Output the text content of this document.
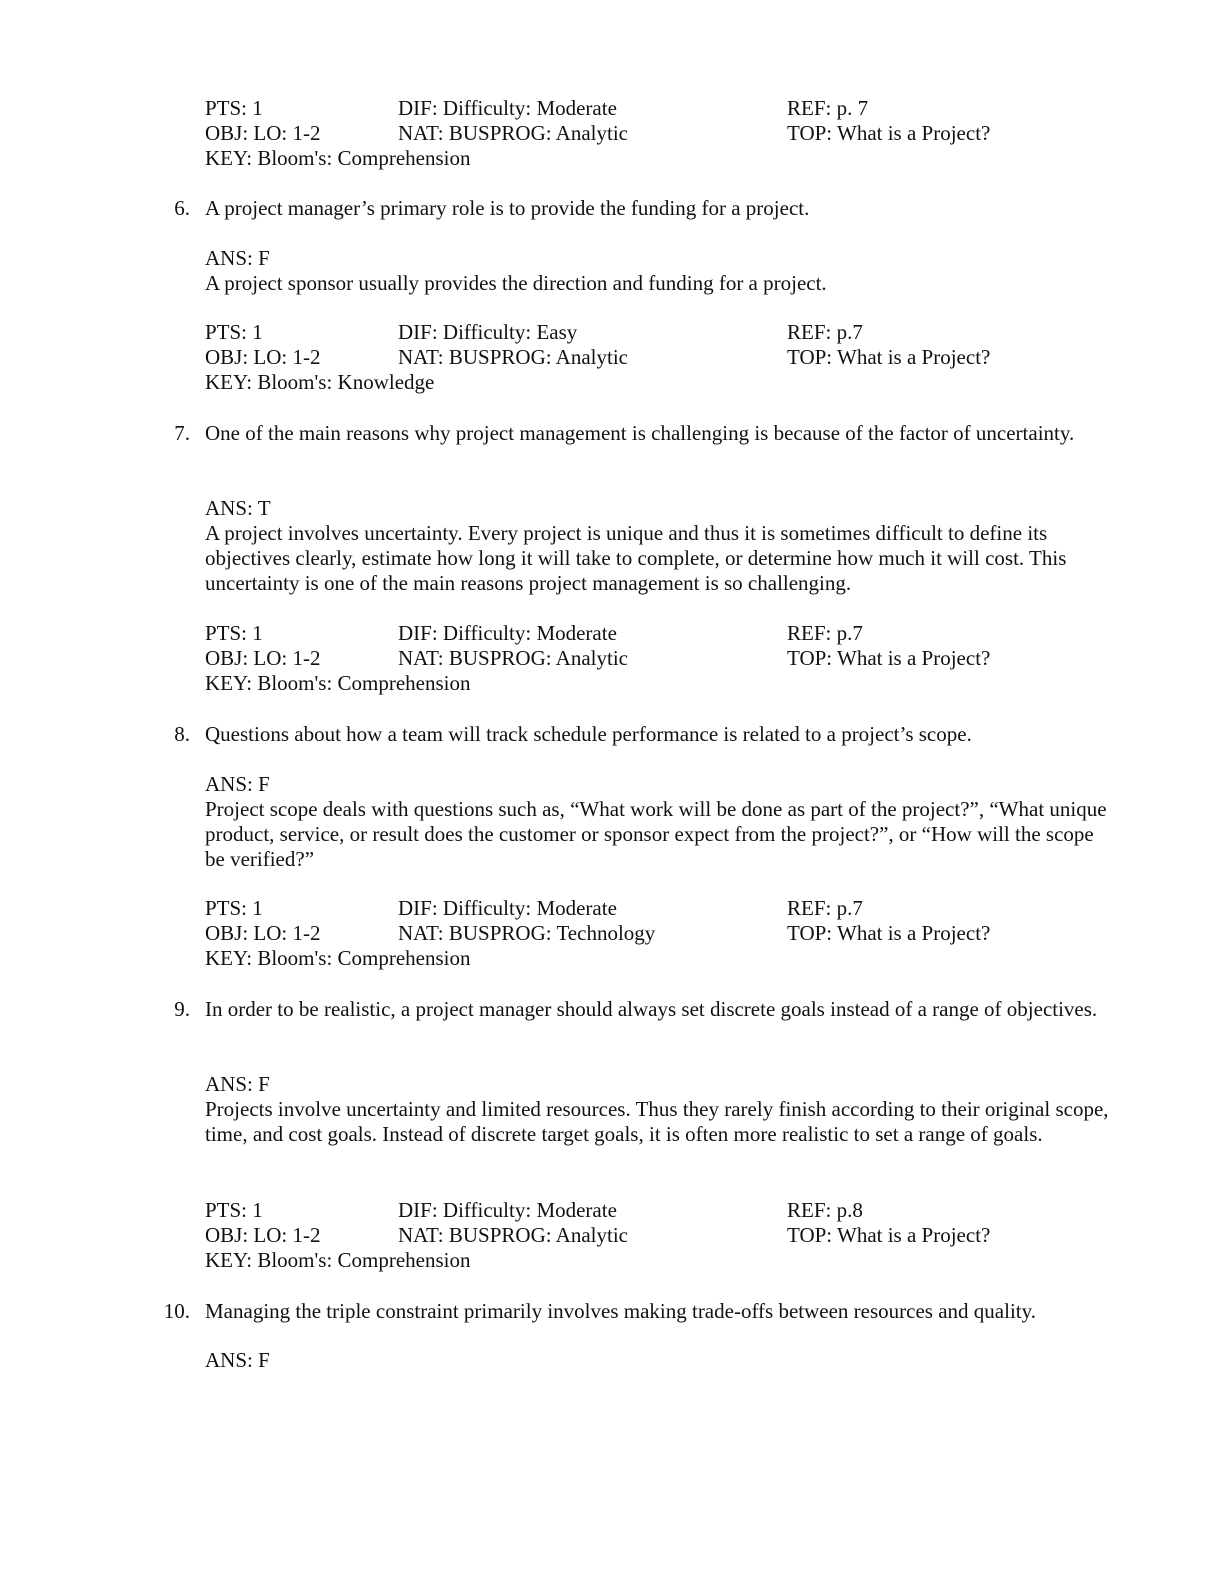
PTS: 1	DIF: Difficulty: Moderate	REF: p. 7
OBJ: LO: 1-2	NAT: BUSPROG: Analytic	TOP: What is a Project?
KEY: Bloom's: Comprehension
6. A project manager’s primary role is to provide the funding for a project.
ANS: F
A project sponsor usually provides the direction and funding for a project.
PTS: 1	DIF: Difficulty: Easy	REF: p.7
OBJ: LO: 1-2	NAT: BUSPROG: Analytic	TOP: What is a Project?
KEY: Bloom's: Knowledge
7. One of the main reasons why project management is challenging is because of the factor of uncertainty.
ANS: T
A project involves uncertainty. Every project is unique and thus it is sometimes difficult to define its objectives clearly, estimate how long it will take to complete, or determine how much it will cost. This uncertainty is one of the main reasons project management is so challenging.
PTS: 1	DIF: Difficulty: Moderate	REF: p.7
OBJ: LO: 1-2	NAT: BUSPROG: Analytic	TOP: What is a Project?
KEY: Bloom's: Comprehension
8. Questions about how a team will track schedule performance is related to a project’s scope.
ANS: F
Project scope deals with questions such as, “What work will be done as part of the project?”, “What unique product, service, or result does the customer or sponsor expect from the project?”, or “How will the scope be verified?”
PTS: 1	DIF: Difficulty: Moderate	REF: p.7
OBJ: LO: 1-2	NAT: BUSPROG: Technology	TOP: What is a Project?
KEY: Bloom's: Comprehension
9. In order to be realistic, a project manager should always set discrete goals instead of a range of objectives.
ANS: F
Projects involve uncertainty and limited resources. Thus they rarely finish according to their original scope, time, and cost goals. Instead of discrete target goals, it is often more realistic to set a range of goals.
PTS: 1	DIF: Difficulty: Moderate	REF: p.8
OBJ: LO: 1-2	NAT: BUSPROG: Analytic	TOP: What is a Project?
KEY: Bloom's: Comprehension
10. Managing the triple constraint primarily involves making trade-offs between resources and quality.
ANS: F
